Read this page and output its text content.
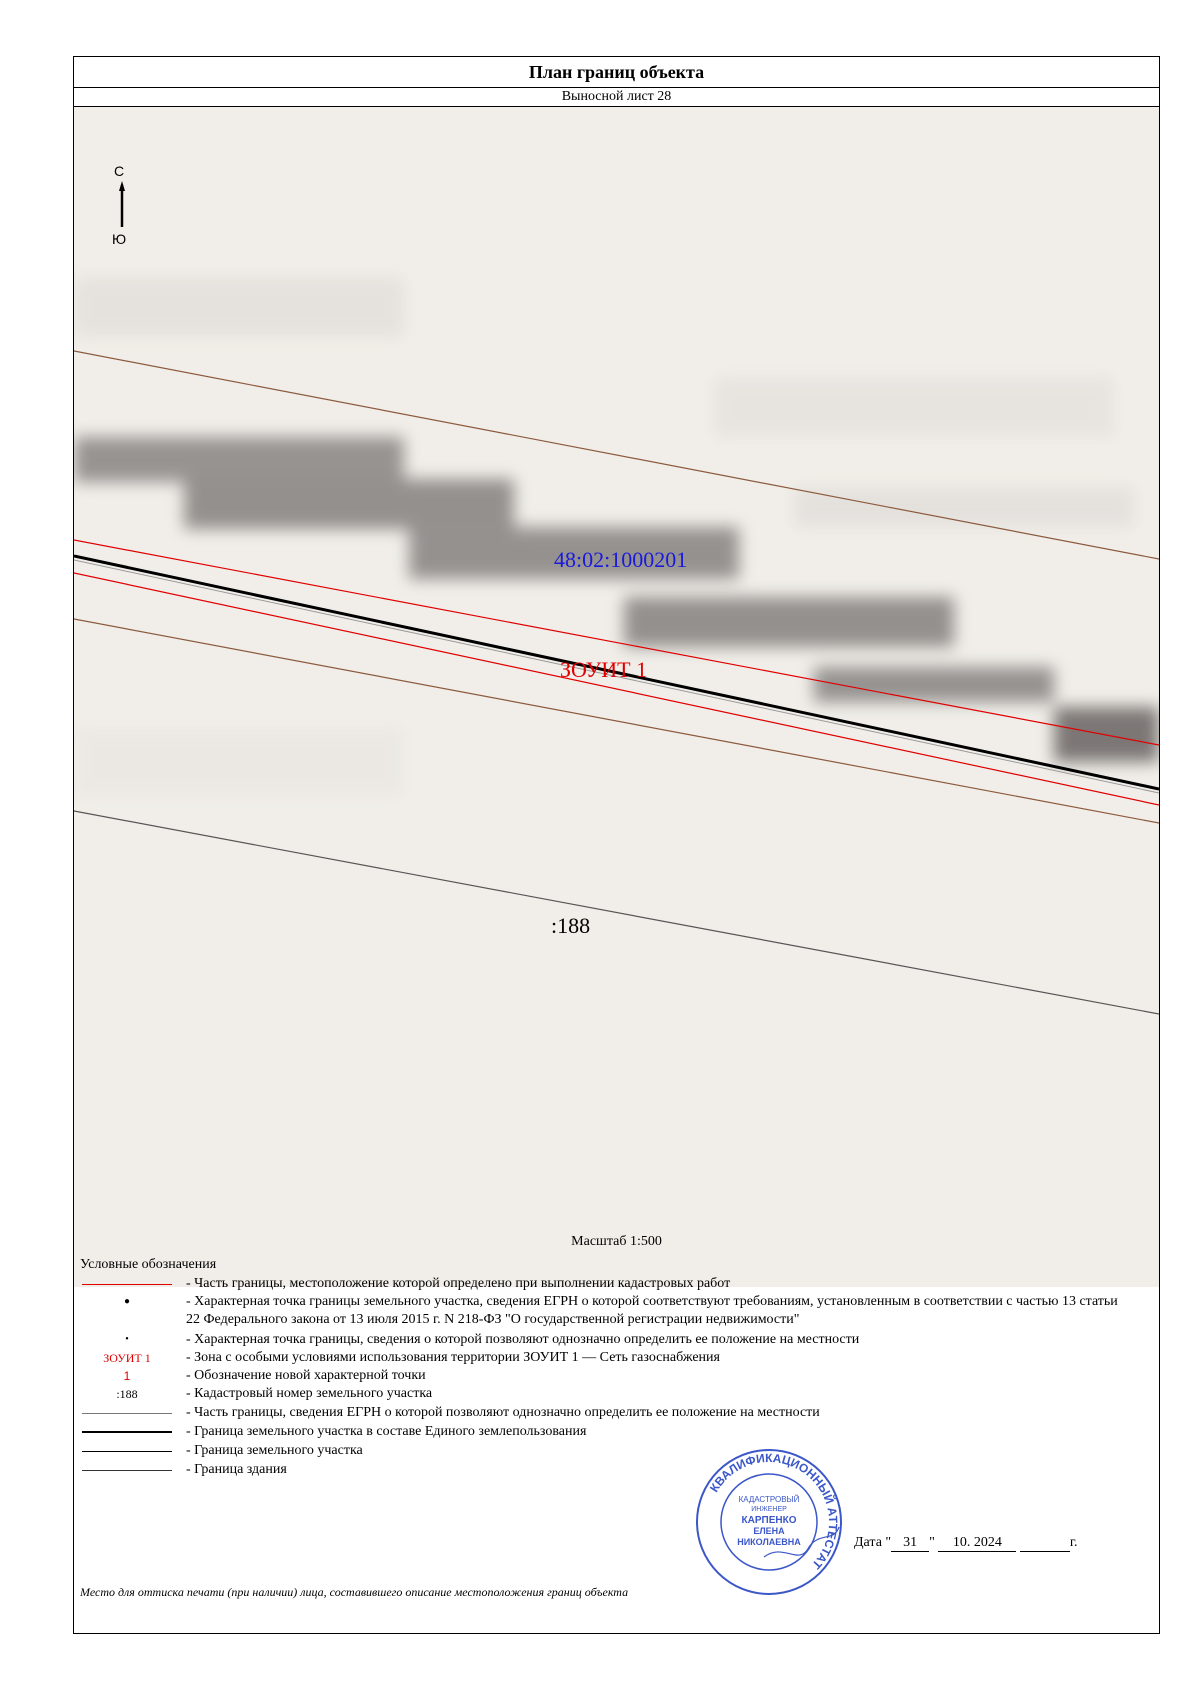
План границ объекта
Выносной лист 28
С
Ю
48:02:1000201
ЗОУИТ 1
:188
Масштаб 1:500
Условные обозначения
- Часть границы, местоположение которой определено при выполнении кадастровых работ
●	- Характерная точка границы земельного участка, сведения ЕГРН о которой соответствуют требованиям, установленным в соответствии с частью 13 статьи 22 Федерального закона от 13 июля 2015 г. N 218-ФЗ "О государственной регистрации недвижимости"
•	- Характерная точка границы, сведения о которой позволяют однозначно определить ее положение на местности
ЗОУИТ 1	- Зона с особыми условиями использования территории ЗОУИТ 1 — Сеть газоснабжения
1	- Обозначение новой характерной точки
:188	- Кадастровый номер земельного участка
- Часть границы, сведения ЕГРН о которой позволяют однозначно определить ее положение на местности
- Граница земельного участка в составе Единого землепользования
- Граница земельного участка
- Граница здания
КВАЛИФИКАЦИОННЫЙ АТТЕСТАТ
КАДАСТРОВЫЙ
ИНЖЕНЕР
КАРПЕНКО
ЕЛЕНА
НИКОЛАЕВНА	Дата " 31 " 10. 2024	г.
Место для оттиска печати (при наличии) лица, составившего описание местоположения границ объекта
